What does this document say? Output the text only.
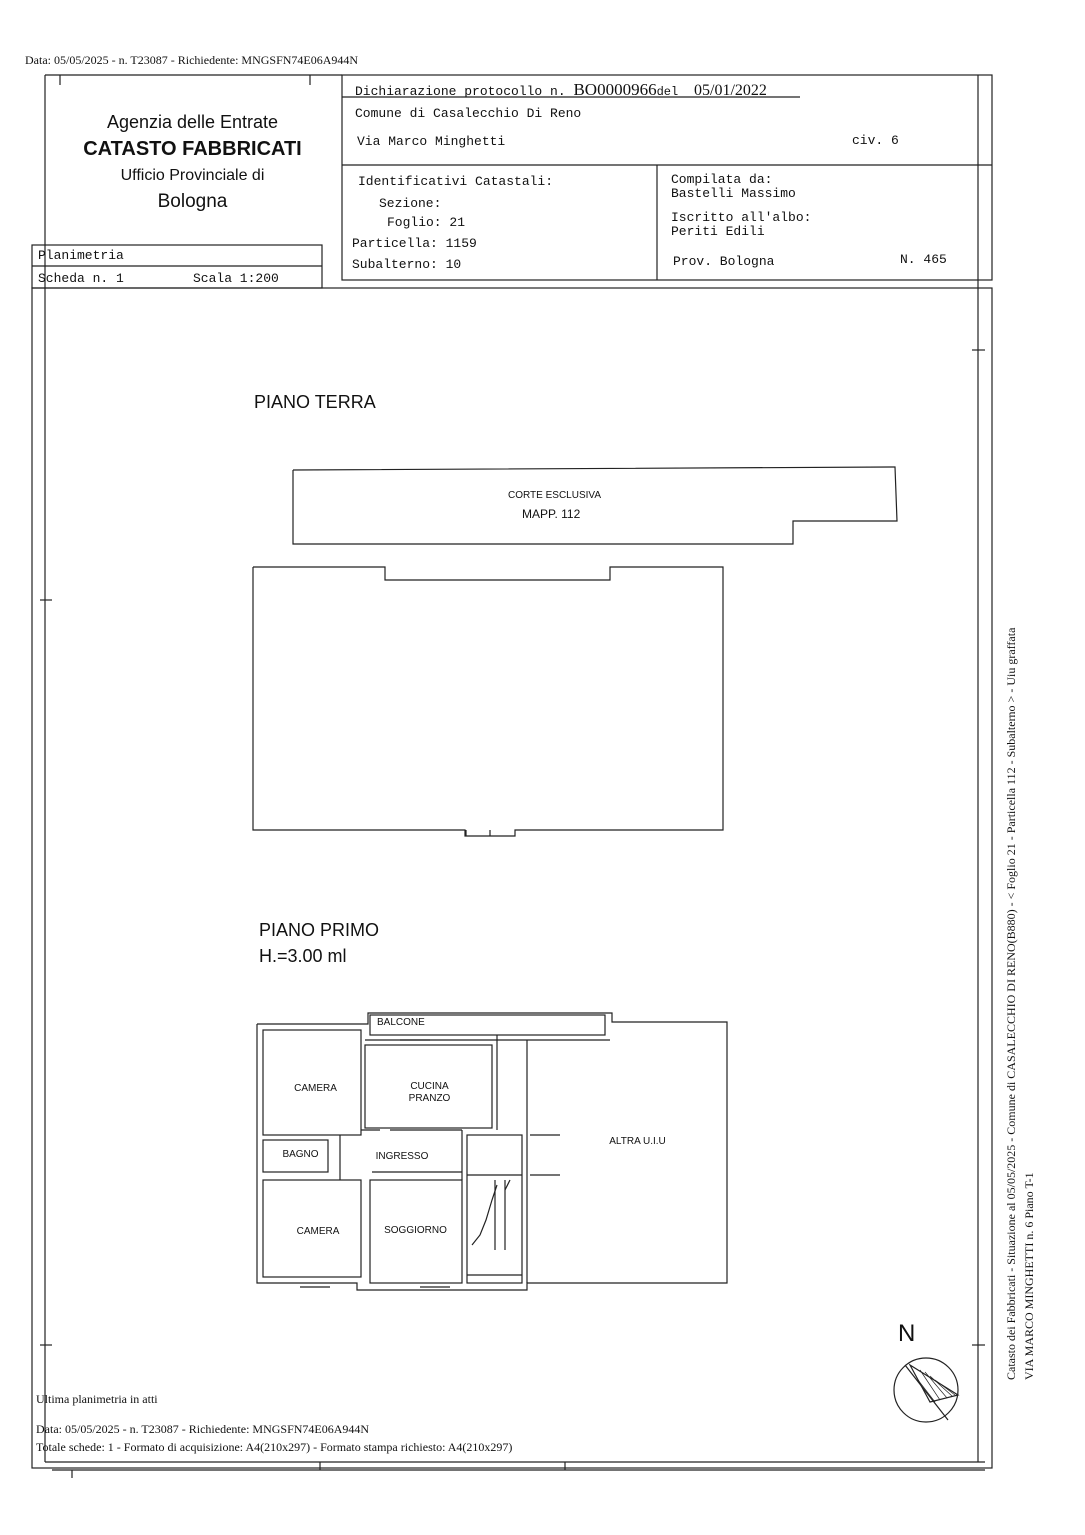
Data: 05/05/2025 - n. T23087 - Richiedente: MNGSFN74E06A944N
Agenzia delle Entrate
CATASTO FABBRICATI
Ufficio Provinciale di
Bologna
Dichiarazione protocollo n. BO0000966del 05/01/2022
Comune di Casalecchio Di Reno
Via Marco Minghetti	civ. 6
Identificativi Catastali:
Sezione:
Foglio: 21
Particella: 1159
Subalterno: 10
Compilata da:
Bastelli Massimo
Iscritto all'albo:
Periti Edili
Prov. Bologna	N. 465
Planimetria
Scheda n. 1	Scala 1:200
PIANO TERRA
CORTE ESCLUSIVA
MAPP. 112
PIANO PRIMO
H.=3.00 ml
BALCONE
CAMERA	CUCINA
PRANZO
ALTRA U.I.U
BAGNO	INGRESSO
CAMERA	SOGGIORNO
N	Catasto dei Fabbricati - Situazione al 05/05/2025 - Comune di CASALECCHIO DI RENO(B880) - < Foglio 21 - Particella 112 - Subalterno > - Uiu graffata VIA MARCO MINGHETTI n. 6 Piano T-1
Ultima planimetria in atti
Data: 05/05/2025 - n. T23087 - Richiedente: MNGSFN74E06A944N
Totale schede: 1 - Formato di acquisizione: A4(210x297) - Formato stampa richiesto: A4(210x297)
